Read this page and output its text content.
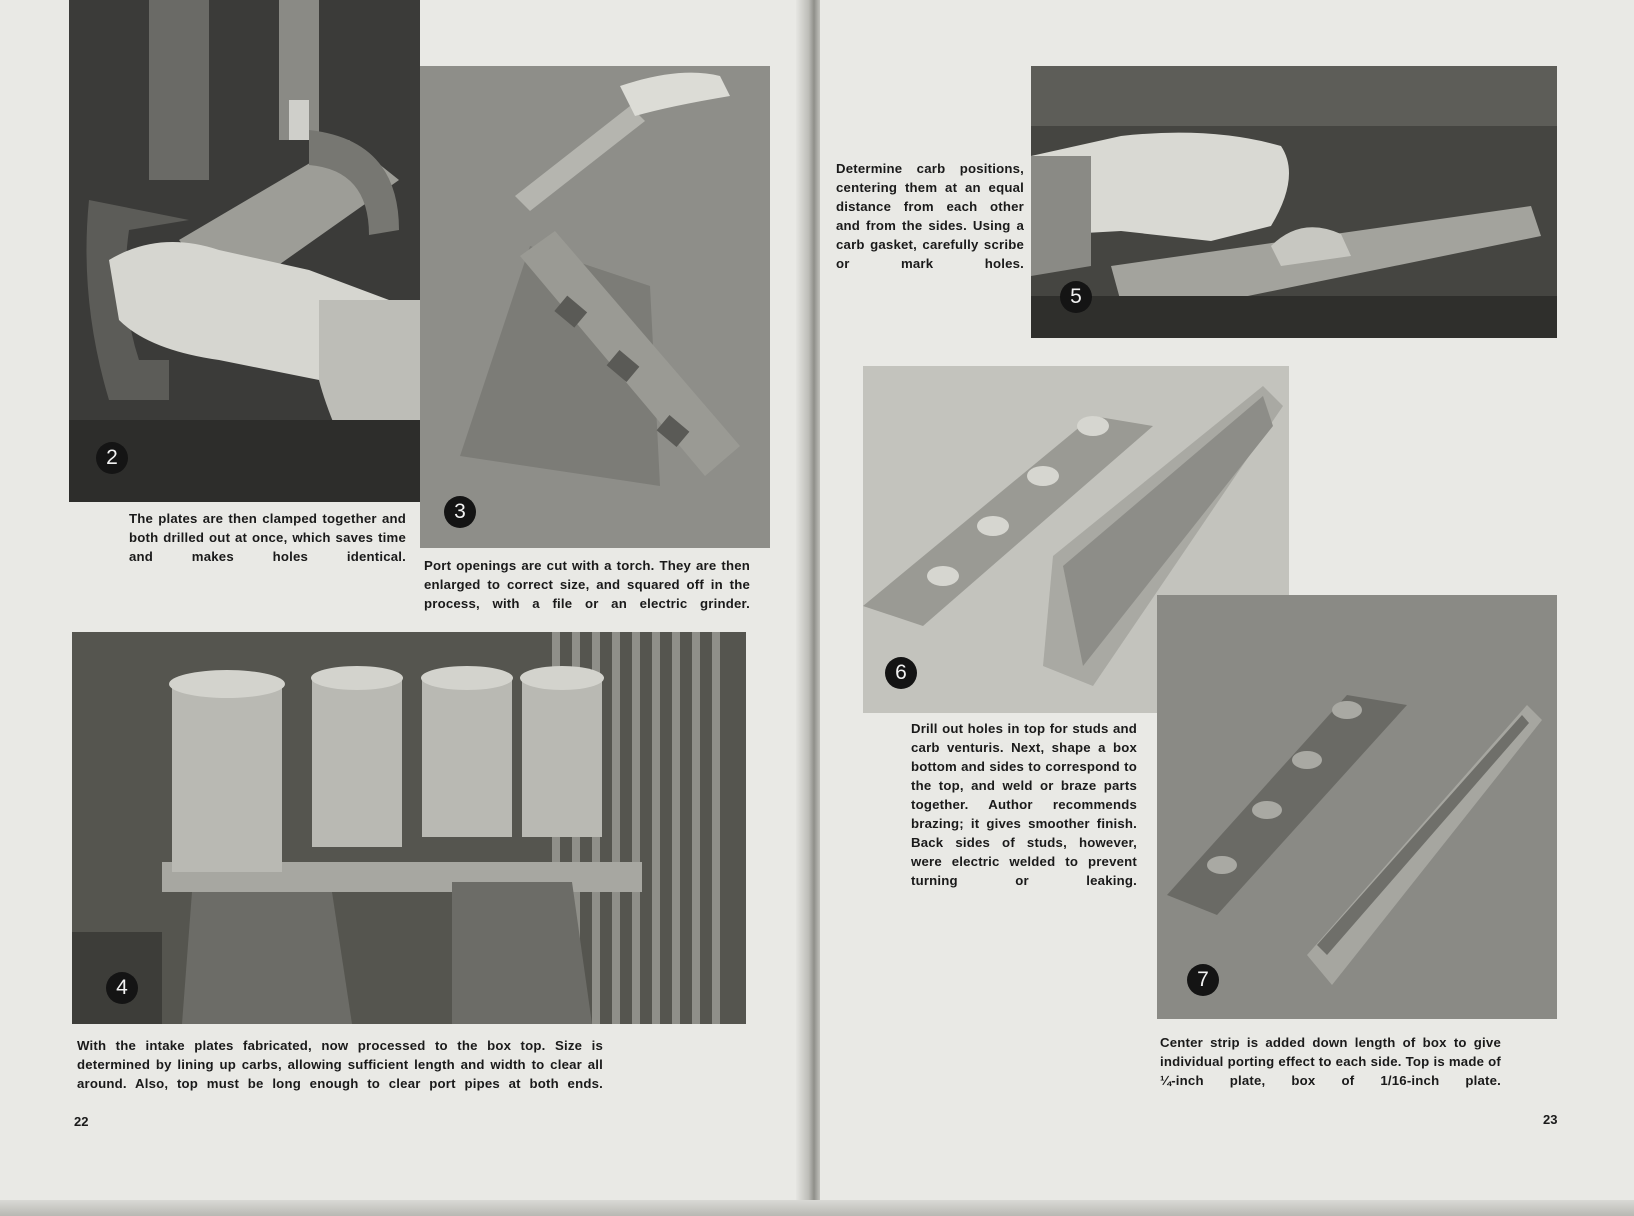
2
3
The plates are then clamped together and both drilled out at once, which saves time and makes holes identical.
Port openings are cut with a torch. They are then enlarged to correct size, and squared off in the process, with a file or an electric grinder.
4
With the intake plates fabricated, now processed to the box top. Size is determined by lining up carbs, allowing sufficient length and width to clear all around. Also, top must be long enough to clear port pipes at both ends.
22
Determine carb positions, centering them at an equal distance from each other and from the sides. Using a carb gasket, carefully scribe or mark holes.
5
6
Drill out holes in top for studs and carb venturis. Next, shape a box bottom and sides to correspond to the top, and weld or braze parts together. Author recommends brazing; it gives smoother finish. Back sides of studs, however, were electric welded to prevent turning or leaking.
7
Center strip is added down length of box to give individual porting effect to each side. Top is made of ¼-inch plate, box of 1/16-inch plate.
23
